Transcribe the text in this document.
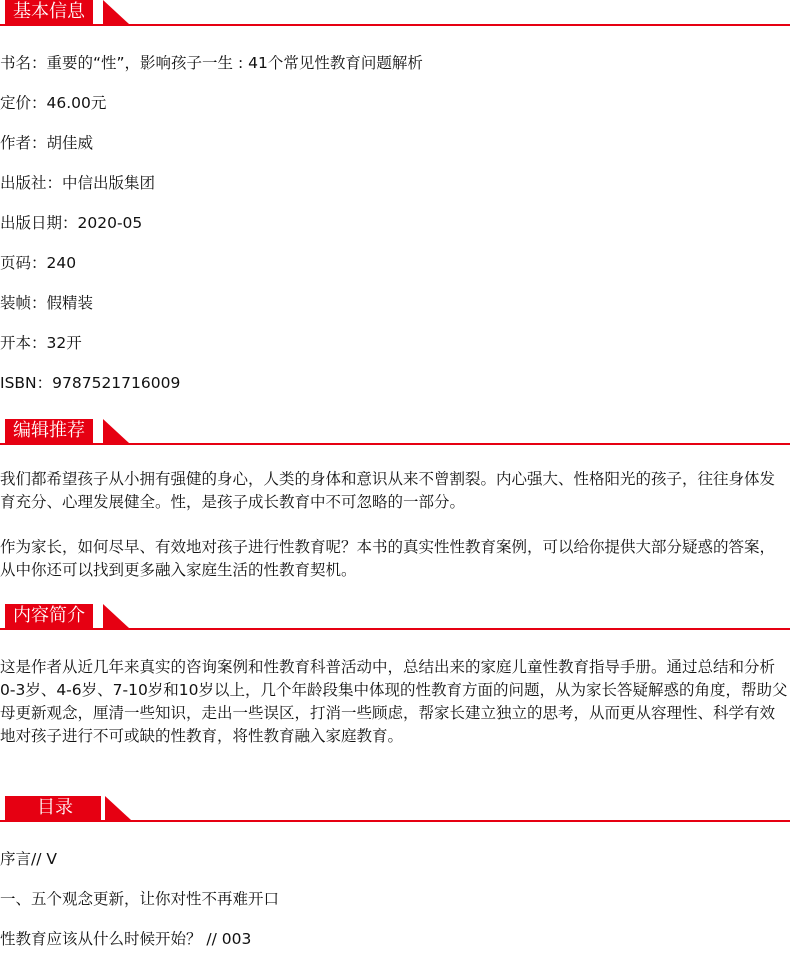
基本信息
书名：重要的“性”，影响孩子一生 : 41个常见性教育问题解析
定价：46.00元
作者：胡佳威
出版社：中信出版集团
出版日期：2020-05
页码：240
装帧：假精装
开本：32开
ISBN：9787521716009
编辑推荐
我们都希望孩子从小拥有强健的身心，人类的身体和意识从来不曾割裂。内心强大、性格阳光的孩子，往往身体发育充分、心理发展健全。性，是孩子成长教育中不可忽略的一部分。
作为家长，如何尽早、有效地对孩子进行性教育呢？本书的真实性性教育案例，可以给你提供大部分疑惑的答案，从中你还可以找到更多融入家庭生活的性教育契机。
内容简介
这是作者从近几年来真实的咨询案例和性教育科普活动中，总结出来的家庭儿童性教育指导手册。通过总结和分析0-3岁、4-6岁、7-10岁和10岁以上，几个年龄段集中体现的性教育方面的问题，从为家长答疑解惑的角度，帮助父母更新观念，厘清一些知识，走出一些误区，打消一些顾虑，帮家长建立独立的思考，从而更从容理性、科学有效地对孩子进行不可或缺的性教育，将性教育融入家庭教育。
目录
序言// V
一、五个观念更新，让你对性不再难开口
性教育应该从什么时候开始？ // 003
